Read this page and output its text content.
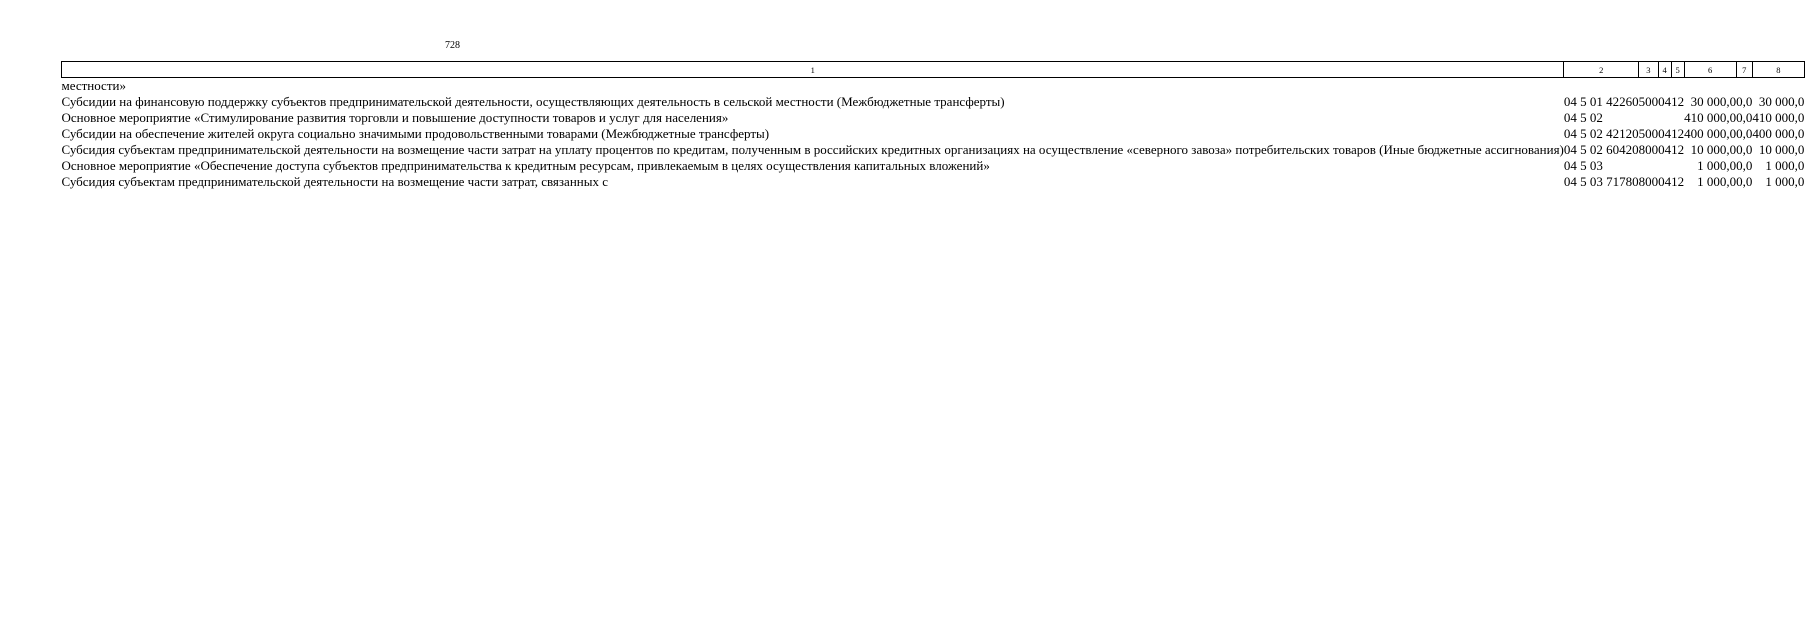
728
1	2	3	4	5	6	7	8
местности»							
Субсидии на финансовую поддержку субъектов предпринимательской деятельности, осуществляющих деятельность в сельской местности (Межбюджетные трансферты)	04 5 01 42260	500	04	12	30 000,0	0,0	30 000,0
Основное мероприятие «Стимулирование развития торговли и повышение доступности товаров и услуг для населения»	04 5 02				410 000,0	0,0	410 000,0
Субсидии на обеспечение жителей округа социально значимыми продовольственными товарами (Межбюджетные трансферты)	04 5 02 42120	500	04	12	400 000,0	0,0	400 000,0
Субсидия субъектам предпринимательской деятельности на возмещение части затрат на уплату процентов по кредитам, полученным в российских кредитных организациях на осуществление «северного завоза» потребительских товаров (Иные бюджетные ассигнования)	04 5 02 60420	800	04	12	10 000,0	0,0	10 000,0
Основное мероприятие «Обеспечение доступа субъектов предпринимательства к кредитным ресурсам, привлекаемым в целях осуществления капитальных вложений»	04 5 03				1 000,0	0,0	1 000,0
Субсидия субъектам предпринимательской деятельности на возмещение части затрат, связанных с	04 5 03 71780	800	04	12	1 000,0	0,0	1 000,0
